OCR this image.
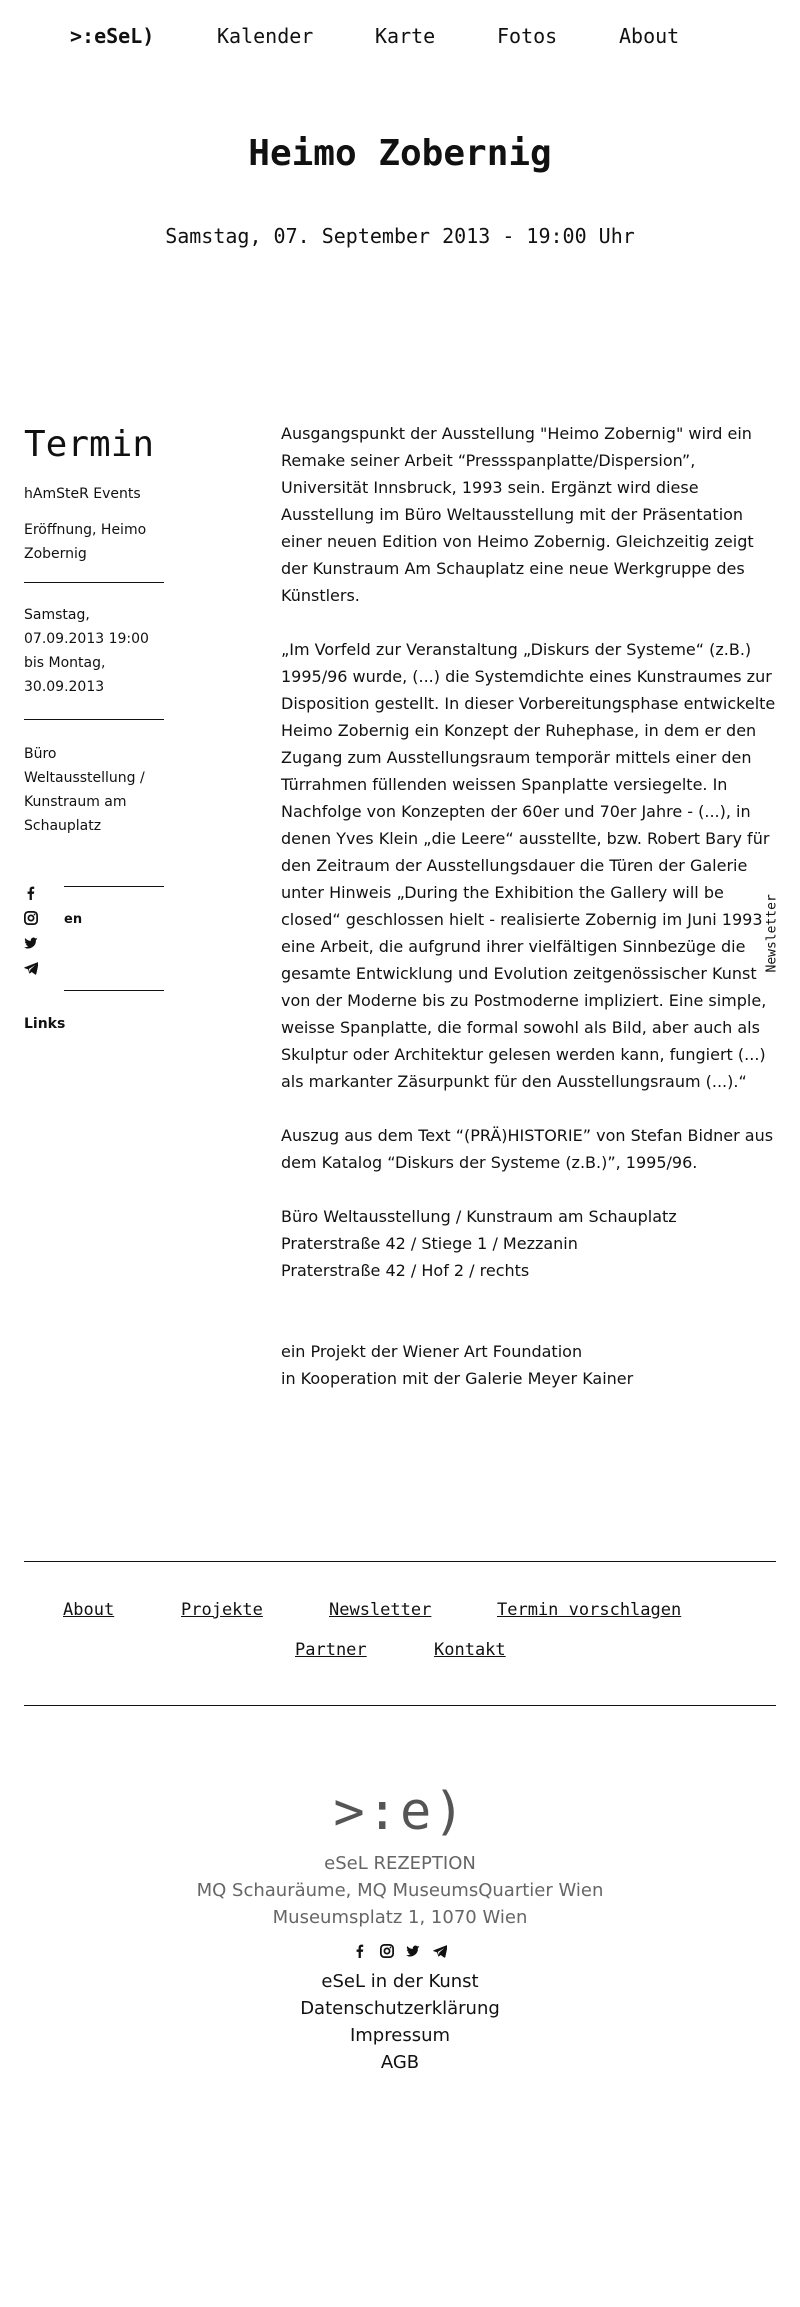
>:eSeL)	Kalender	Karte	Fotos	About
Heimo Zobernig
Samstag, 07. September 2013 - 19:00 Uhr
Termin
hAmSteR Events
Eröffnung, Heimo Zobernig
Samstag, 07.09.2013 19:00 bis Montag, 30.09.2013
Büro Weltausstellung / Kunstraum am Schauplatz
en
Links

Ausgangspunkt der Ausstellung "Heimo Zobernig" wird ein Remake seiner Arbeit “Pressspanplatte/Dispersion”, Universität Innsbruck, 1993 sein. Ergänzt wird diese Ausstellung im Büro Weltausstellung mit der Präsentation einer neuen Edition von Heimo Zobernig. Gleichzeitig zeigt der Kunstraum Am Schauplatz eine neue Werkgruppe des Künstlers.

„Im Vorfeld zur Veranstaltung „Diskurs der Systeme“ (z.B.) 1995/96 wurde, (...) die Systemdichte eines Kunstraumes zur Disposition gestellt. In dieser Vorbereitungsphase entwickelte Heimo Zobernig ein Konzept der Ruhephase, in dem er den Zugang zum Ausstellungsraum temporär mittels einer den Türrahmen füllenden weissen Spanplatte versiegelte. In Nachfolge von Konzepten der 60er und 70er Jahre - (...), in denen Yves Klein „die Leere“ ausstellte, bzw. Robert Bary für den Zeitraum der Ausstellungsdauer die Türen der Galerie unter Hinweis „During the Exhibition the Gallery will be closed“ geschlossen hielt - realisierte Zobernig im Juni 1993 eine Arbeit, die aufgrund ihrer vielfältigen Sinnbezüge die gesamte Entwicklung und Evolution zeitgenössischer Kunst von der Moderne bis zu Postmoderne impliziert. Eine simple, weisse Spanplatte, die formal sowohl als Bild, aber auch als Skulptur oder Architektur gelesen werden kann, fungiert (...) als markanter Zäsurpunkt für den Ausstellungsraum (...).“

Auszug aus dem Text “(PRÄ)HISTORIE” von Stefan Bidner aus dem Katalog “Diskurs der Systeme (z.B.)”, 1995/96.

Büro Weltausstellung / Kunstraum am Schauplatz

Praterstraße 42 / Stiege 1 / Mezzanin

Praterstraße 42 / Hof 2 / rechts

ein Projekt der Wiener Art Foundation

in Kooperation mit der Galerie Meyer Kainer

Newsletter
About	Projekte	Newsletter	Termin vorschlagen
Partner	Kontakt
>:e)
eSeL REZEPTION
MQ Schauräume, MQ MuseumsQuartier Wien
Museumsplatz 1, 1070 Wien

eSeL in der Kunst
Datenschutzerklärung
Impressum
AGB
